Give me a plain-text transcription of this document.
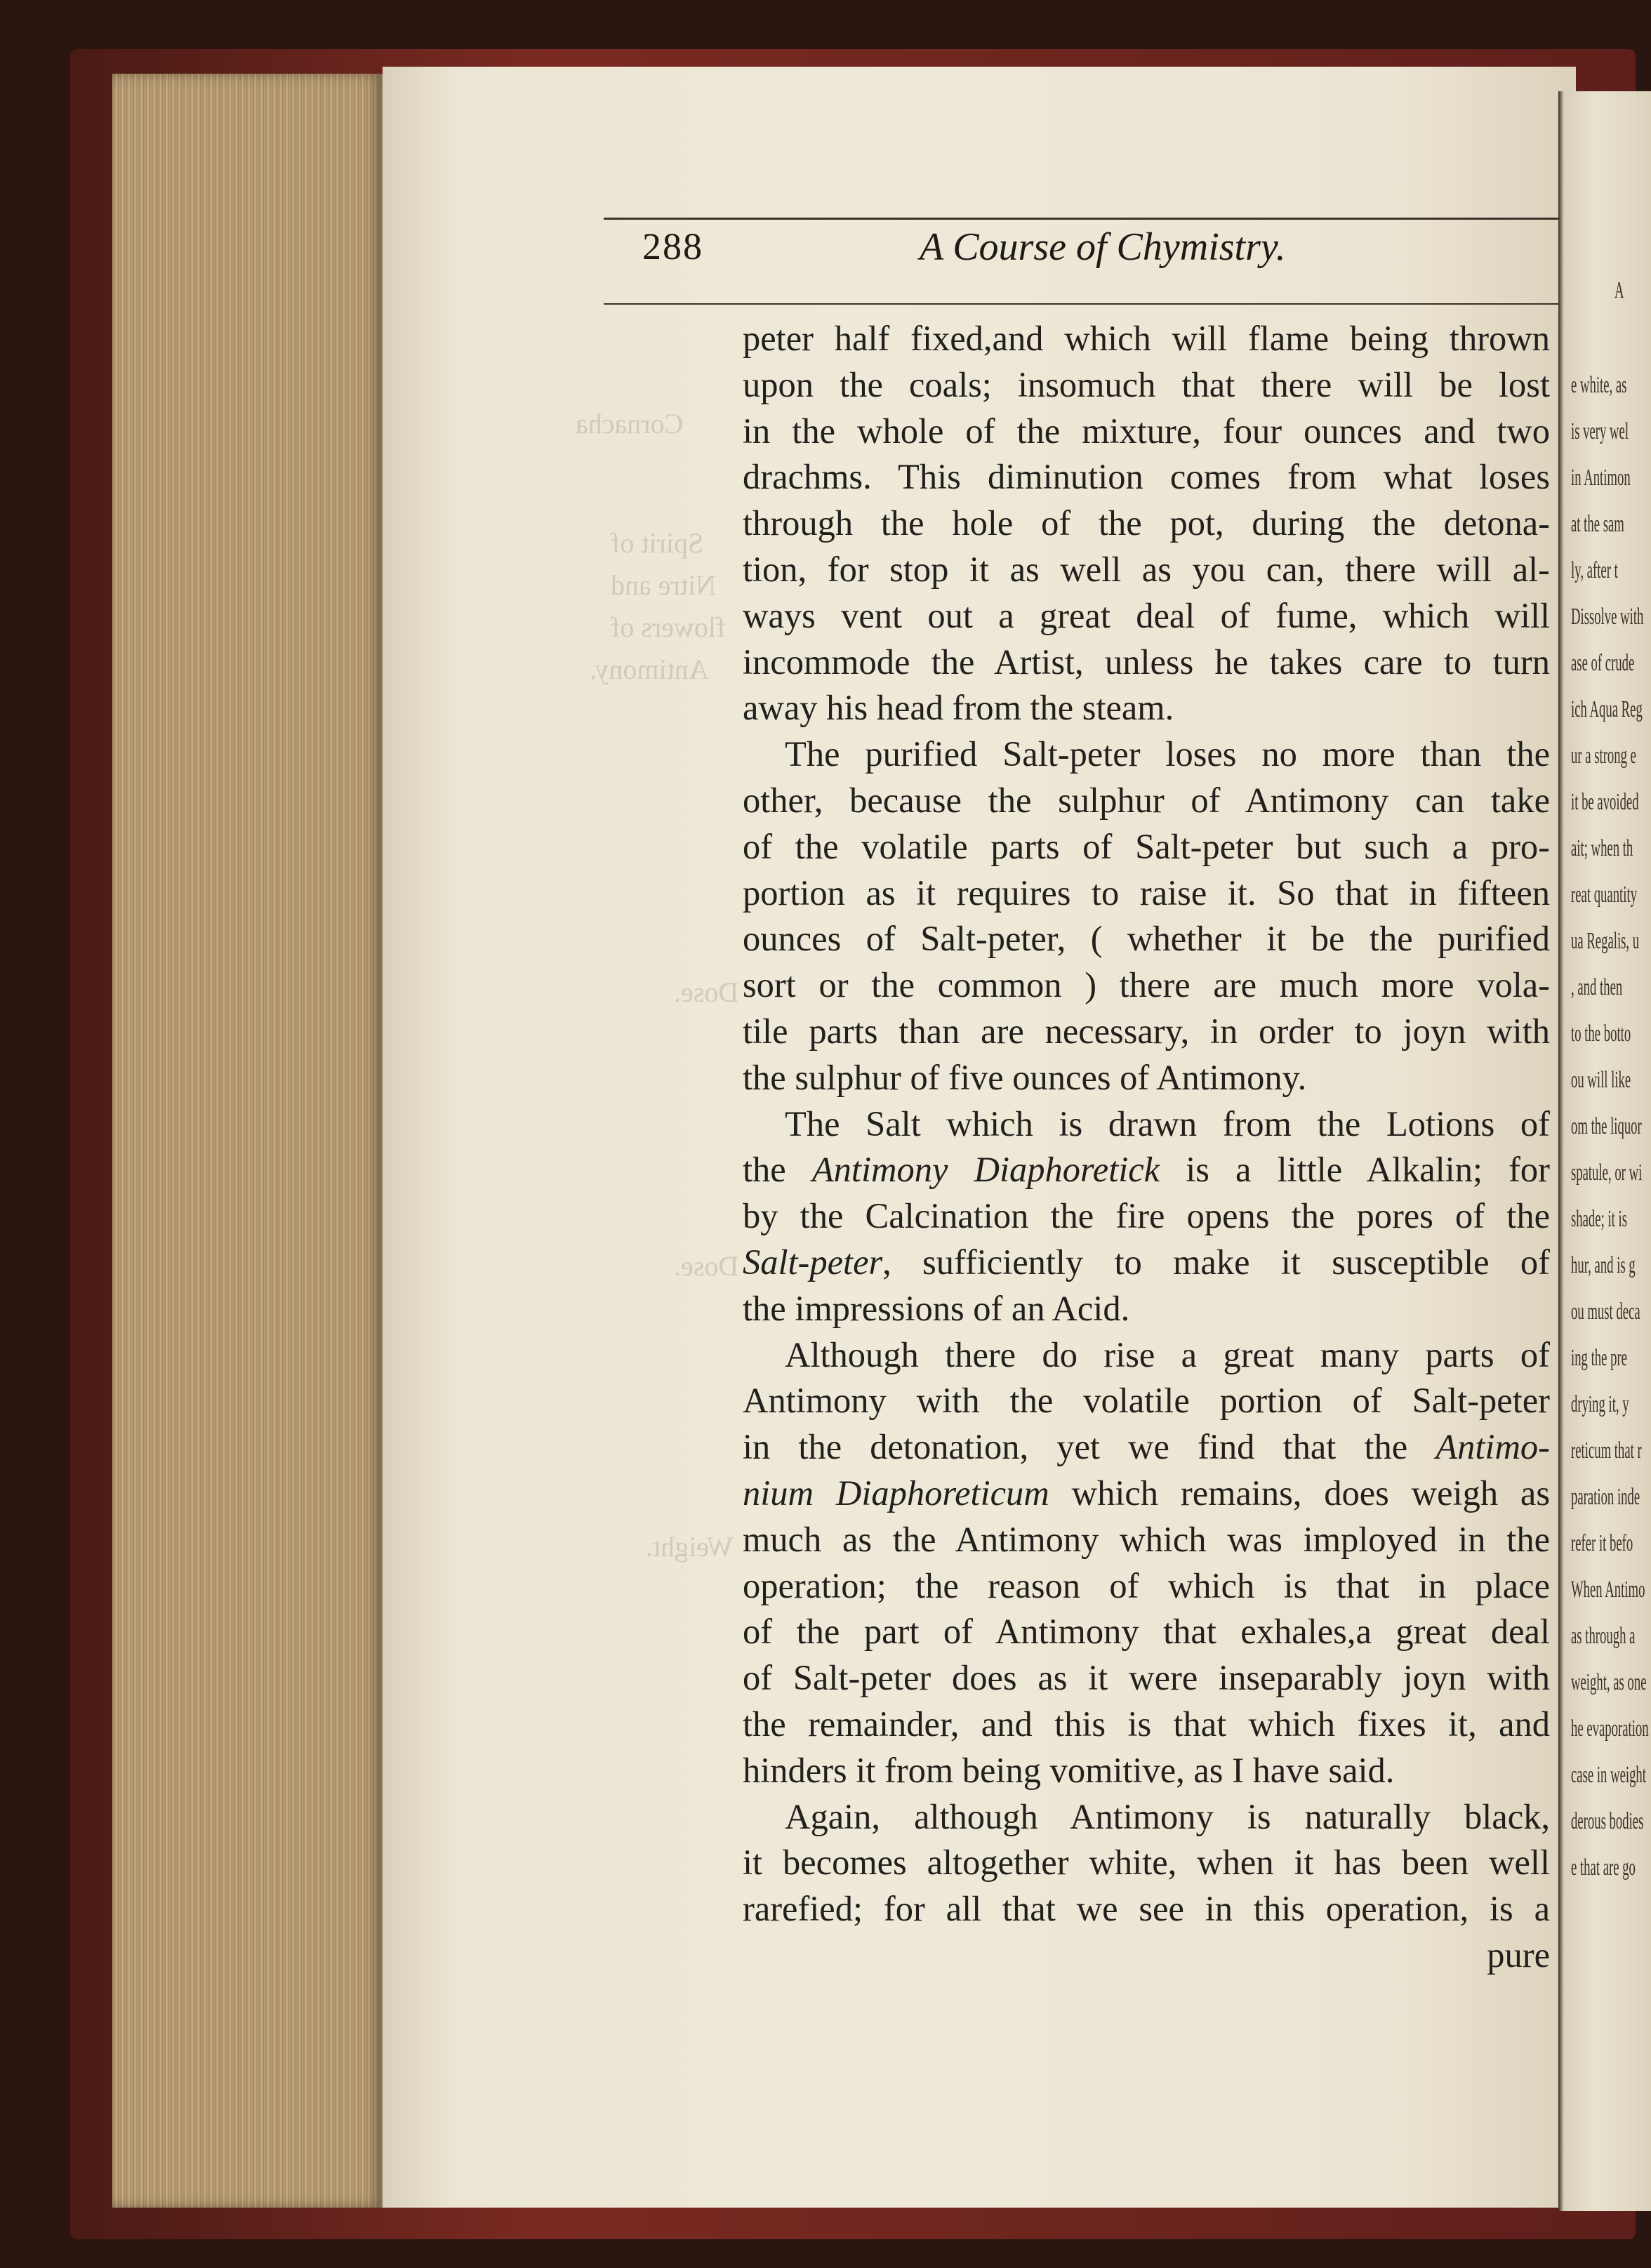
Cornacha
Spirit of
Nitre and
flowers of
Antimony.
Dose.
Dose.
Weight.
288	A Course of Chymistry.
peter half fixed,and which will flame being thrown
upon the coals; insomuch that there will be lost
in the whole of the mixture, four ounces and two
drachms. This diminution comes from what loses
through the hole of the pot, during the detona-
tion, for stop it as well as you can, there will al-
ways vent out a great deal of fume, which will
incommode the Artist, unless he takes care to turn
away his head from the steam.
The purified Salt-peter loses no more than the
other, because the sulphur of Antimony can take
of the volatile parts of Salt-peter but such a pro-
portion as it requires to raise it. So that in fifteen
ounces of Salt-peter, ( whether it be the purified
sort or the common ) there are much more vola-
tile parts than are necessary, in order to joyn with
the sulphur of five ounces of Antimony.
The Salt which is drawn from the Lotions of
the Antimony Diaphoretick is a little Alkalin; for
by the Calcination the fire opens the pores of the
Salt-peter, sufficiently to make it susceptible of
the impressions of an Acid.
Although there do rise a great many parts of
Antimony with the volatile portion of Salt-peter
in the detonation, yet we find that the Antimo-
nium Diaphoreticum which remains, does weigh as
much as the Antimony which was imployed in the
operation; the reason of which is that in place
of the part of Antimony that exhales,a great deal
of Salt-peter does as it were inseparably joyn with
the remainder, and this is that which fixes it, and
hinders it from being vomitive, as I have said.
Again, although Antimony is naturally black,
it becomes altogether white, when it has been well
rarefied; for all that we see in this operation, is a
pure
A
e white, as
is very wel
in Antimon
at the sam
ly, after t
Dissolve with
ase of crude
ich Aqua Reg
ur a strong e
it be avoided
ait; when th
reat quantity
ua Regalis, u
, and then
to the botto
ou will like
om the liquor
spatule, or wi
shade; it is
hur, and is g
ou must deca
ing the pre
drying it, y
reticum that r
paration inde
refer it befo
When Antimo
as through a
weight, as one
he evaporation
case in weight
derous bodies
e that are go
